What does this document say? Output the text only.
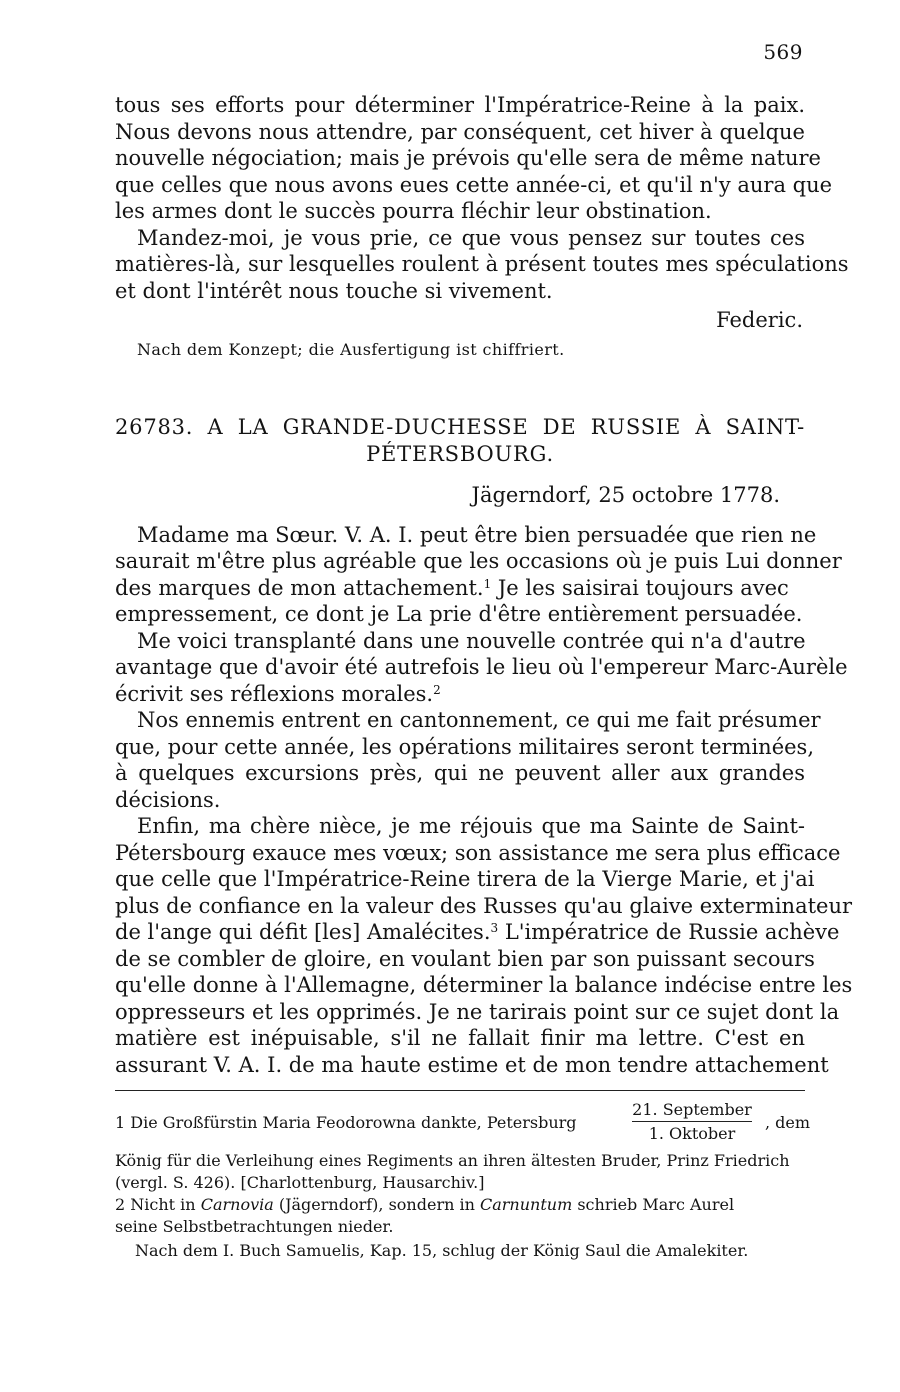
569
tous ses efforts pour déterminer l'Impératrice-Reine à la paix.
Nous devons nous attendre, par conséquent, cet hiver à quelque
nouvelle négociation; mais je prévois qu'elle sera de même nature
que celles que nous avons eues cette année-ci, et qu'il n'y aura que
les armes dont le succès pourra fléchir leur obstination.
Mandez-moi, je vous prie, ce que vous pensez sur toutes ces
matières-là, sur lesquelles roulent à présent toutes mes spéculations
et dont l'intérêt nous touche si vivement.
Federic.
Nach dem Konzept; die Ausfertigung ist chiffriert.
26783. A LA GRANDE-DUCHESSE DE RUSSIE À SAINT-
PÉTERSBOURG.
Jägerndorf, 25 octobre 1778.
Madame ma Sœur. V. A. I. peut être bien persuadée que rien ne
saurait m'être plus agréable que les occasions où je puis Lui donner
des marques de mon attachement.$^1$ Je les saisirai toujours avec
empressement, ce dont je La prie d'être entièrement persuadée.
Me voici transplanté dans une nouvelle contrée qui n'a d'autre
avantage que d'avoir été autrefois le lieu où l'empereur Marc-Aurèle
écrivit ses réflexions morales.$^2$
Nos ennemis entrent en cantonnement, ce qui me fait présumer
que, pour cette année, les opérations militaires seront terminées,
à quelques excursions près, qui ne peuvent aller aux grandes
décisions.
Enfin, ma chère nièce, je me réjouis que ma Sainte de Saint-
Pétersbourg exauce mes vœux; son assistance me sera plus efficace
que celle que l'Impératrice-Reine tirera de la Vierge Marie, et j'ai
plus de confiance en la valeur des Russes qu'au glaive exterminateur
de l'ange qui défit [les] Amalécites.$^3$ L'impératrice de Russie achève
de se combler de gloire, en voulant bien par son puissant secours
qu'elle donne à l'Allemagne, déterminer la balance indécise entre les
oppresseurs et les opprimés. Je ne tarirais point sur ce sujet dont la
matière est inépuisable, s'il ne fallait finir ma lettre. C'est en
assurant V. A. I. de ma haute estime et de mon tendre attachement
1 Die Großfürstin Maria Feodorowna dankte, Petersburg
21. September
1. Oktober
, dem
König für die Verleihung eines Regiments an ihren ältesten Bruder, Prinz Friedrich
(vergl. S. 426). [Charlottenburg, Hausarchiv.]
2 Nicht in Carnovia (Jägerndorf), sondern in Carnuntum schrieb Marc Aurel
seine Selbstbetrachtungen nieder.
Nach dem I. Buch Samuelis, Kap. 15, schlug der König Saul die Amalekiter.
